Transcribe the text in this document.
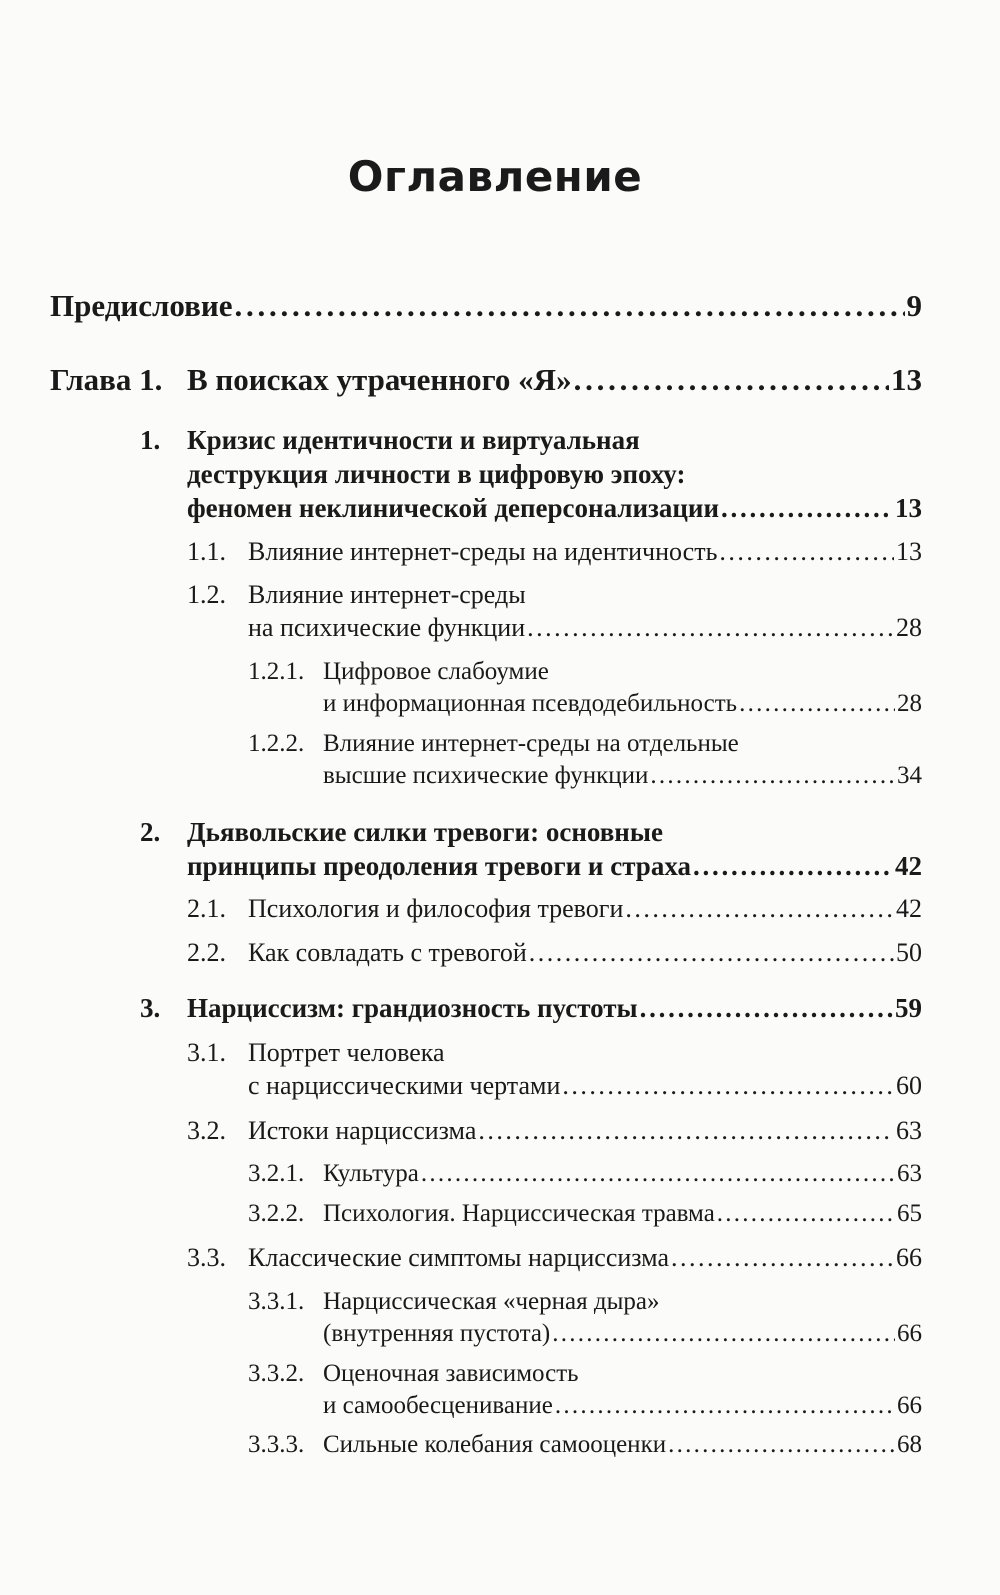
Оглавление
Предисловие . . .	9
Глава 1. В поисках утраченного «Я» . . .	13
1. Кризис идентичности и виртуальная
деструкция личности в цифровую эпоху:
феномен неклинической деперсонализации . . .	13
1.1. Влияние интернет-среды на идентичность . . .	13
1.2. Влияние интернет-среды
на психические функции . . .	28
1.2.1. Цифровое слабоумие
и информационная псевдодебильность . . .	28
1.2.2. Влияние интернет-среды на отдельные
высшие психические функции . . .	34
2. Дьявольские силки тревоги: основные
принципы преодоления тревоги и страха . . .	42
2.1. Психология и философия тревоги . . .	42
2.2. Как совладать с тревогой . . .	50
3. Нарциссизм: грандиозность пустоты . . .	59
3.1. Портрет человека
с нарциссическими чертами . . .	60
3.2. Истоки нарциссизма . . .	63
3.2.1. Культура . . .	63
3.2.2. Психология. Нарциссическая травма . . .	65
3.3. Классические симптомы нарциссизма . . .	66
3.3.1. Нарциссическая «черная дыра»
(внутренняя пустота) . . .	66
3.3.2. Оценочная зависимость
и самообесценивание . . .	66
3.3.3. Сильные колебания самооценки . . .	68
